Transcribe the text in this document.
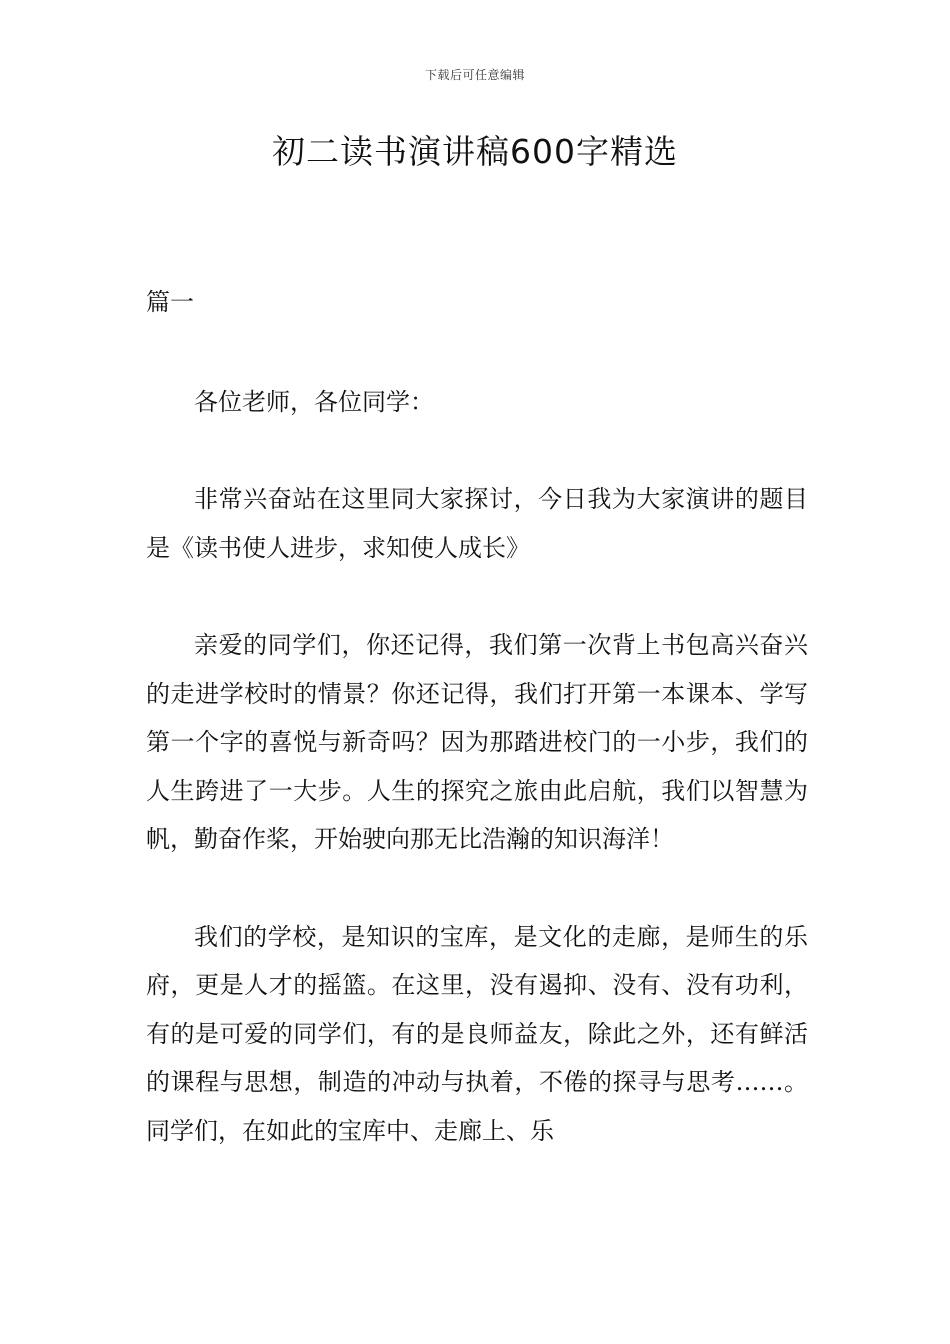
下载后可任意编辑
初二读书演讲稿600字精选

篇一

各位老师，各位同学：

非常兴奋站在这里同大家探讨，今日我为大家演讲的题目是《读书使人进步，求知使人成长》

亲爱的同学们，你还记得，我们第一次背上书包高兴奋兴的走进学校时的情景？你还记得，我们打开第一本课本、学写第一个字的喜悦与新奇吗？因为那踏进校门的一小步，我们的人生跨进了一大步。人生的探究之旅由此启航，我们以智慧为帆，勤奋作桨，开始驶向那无比浩瀚的知识海洋！

我们的学校，是知识的宝库，是文化的走廊，是师生的乐府，更是人才的摇篮。在这里，没有遏抑、没有、没有功利，有的是可爱的同学们，有的是良师益友，除此之外，还有鲜活的课程与思想，制造的冲动与执着，不倦的探寻与思考……。同学们，在如此的宝库中、走廊上、乐
